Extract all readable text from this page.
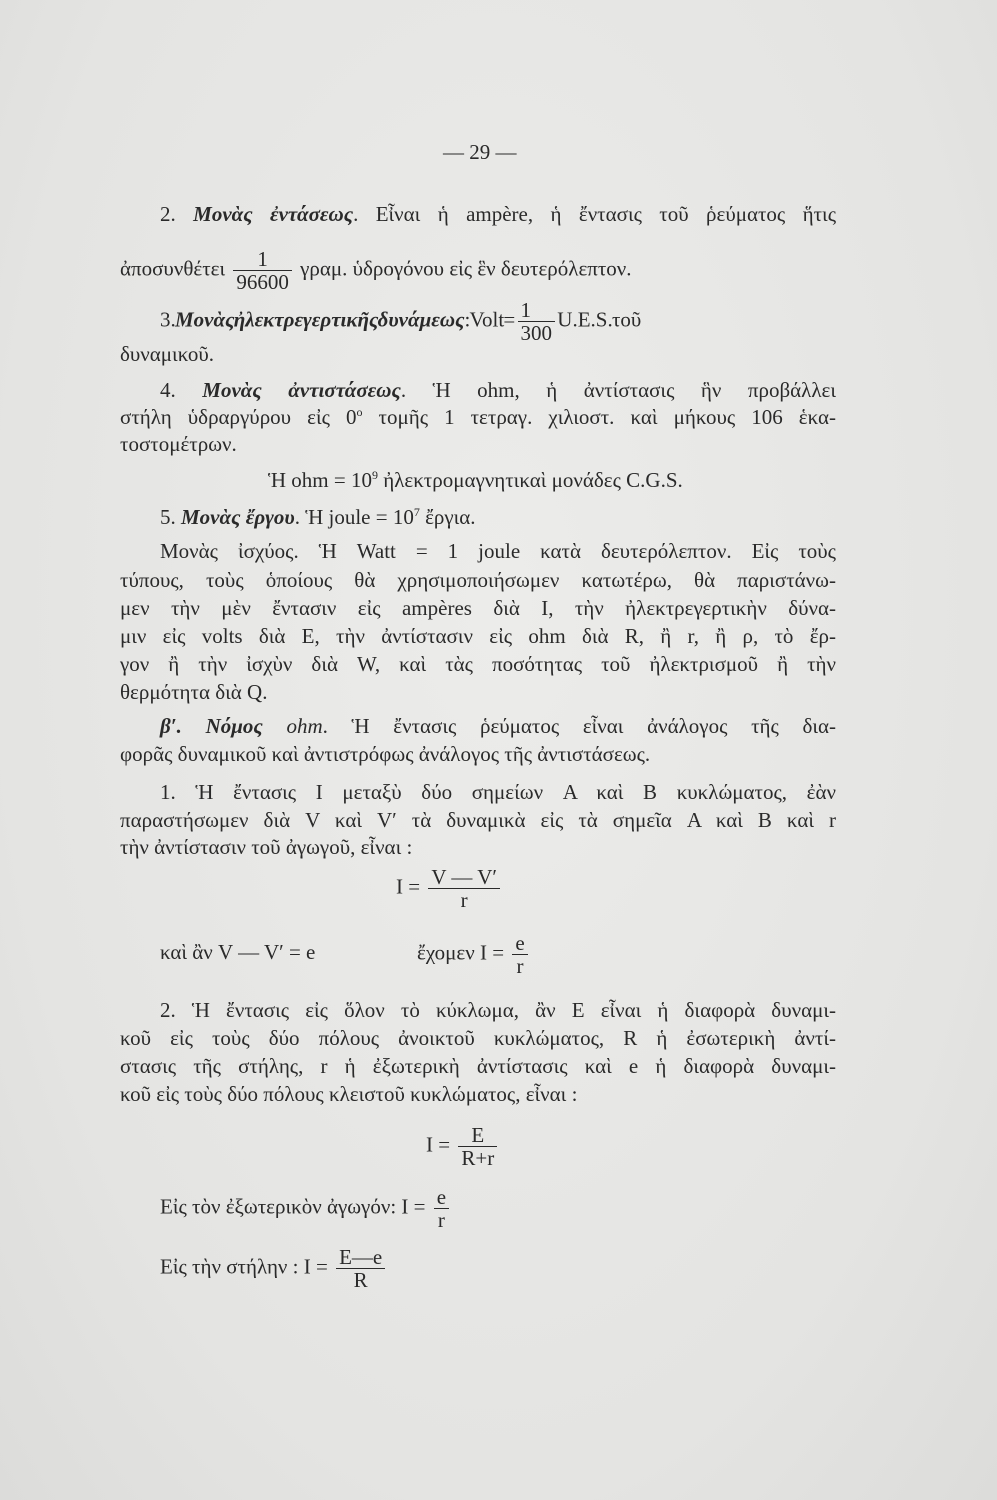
— 29 —
2. Μονὰς ἐντάσεως. Εἶναι ἡ ampère, ἡ ἔντασις τοῦ ῥεύματος ἥτις
ἀποσυνθέτει $\frac{1}{96600} \gamma\rho\alpha\mu$. ὑδρογόνου εἰς ἓν δευτερόλεπτον.
3. Μονὰς ἠλεκτρεγερτικῆς δυνάμεως: Volt = $\frac{1}{300} U.E.S$. τοῦ
δυναμικοῦ.
4. Μονὰς ἀντιστάσεως. Ἡ ohm, ἡ ἀντίστασις ἣν προβάλλει
στήλη ὑδραργύρου εἰς $0^o$ τομῆς 1 τετραγ. χιλιοστ. καὶ μήκους 106 ἑκα-
τοστομέτρων.
Ἡ ohm = $10^9$ ἠλεκτρομαγνητικαὶ μονάδες C.G.S.
5. Μονὰς ἔργου. Ἡ joule = $10^7$ ἔργια.
Μονὰς ἰσχύος. Ἡ Watt = 1 joule κατὰ δευτερόλεπτον. Εἰς τοὺς
τύπους, τοὺς ὁποίους θὰ χρησιμοποιήσωμεν κατωτέρω, θὰ παριστάνω-
μεν τὴν μὲν ἔντασιν εἰς ampères διὰ I, τὴν ἠλεκτρεγερτικὴν δύνα-
μιν εἰς volts διὰ E, τὴν ἀντίστασιν εἰς ohm διὰ R, ἢ r, ἢ ρ, τὸ ἔρ-
γον ἢ τὴν ἰσχὺν διὰ W, καὶ τὰς ποσότητας τοῦ ἠλεκτρισμοῦ ἢ τὴν
θερμότητα διὰ Q.
β′. Νόμος ohm. Ἡ ἔντασις ῥεύματος εἶναι ἀνάλογος τῆς δια-
φορᾶς δυναμικοῦ καὶ ἀντιστρόφως ἀνάλογος τῆς ἀντιστάσεως.
1. Ἡ ἔντασις I μεταξὺ δύο σημείων A καὶ B κυκλώματος, ἐὰν
παραστήσωμεν διὰ V καὶ V′ τὰ δυναμικὰ εἰς τὰ σημεῖα A καὶ B καὶ r
τὴν ἀντίστασιν τοῦ ἀγωγοῦ, εἶναι :
$I = \frac{V — V'}{r}$
καὶ ἂν V — V′ = e	ἔχομεν $I = \frac{e}{r}$
2. Ἡ ἔντασις εἰς ὅλον τὸ κύκλωμα, ἂν E εἶναι ἡ διαφορὰ δυναμι-
κοῦ εἰς τοὺς δύο πόλους ἀνοικτοῦ κυκλώματος, R ἡ ἐσωτερικὴ ἀντί-
στασις τῆς στήλης, r ἡ ἐξωτερικὴ ἀντίστασις καὶ e ἡ διαφορὰ δυναμι-
κοῦ εἰς τοὺς δύο πόλους κλειστοῦ κυκλώματος, εἶναι :
$I = \frac{E}{R+r}$
Εἰς τὸν ἐξωτερικὸν ἀγωγόν: $I = \frac{e}{r}$
Εἰς τὴν στήλην : $I = \frac{E—e}{R}$
